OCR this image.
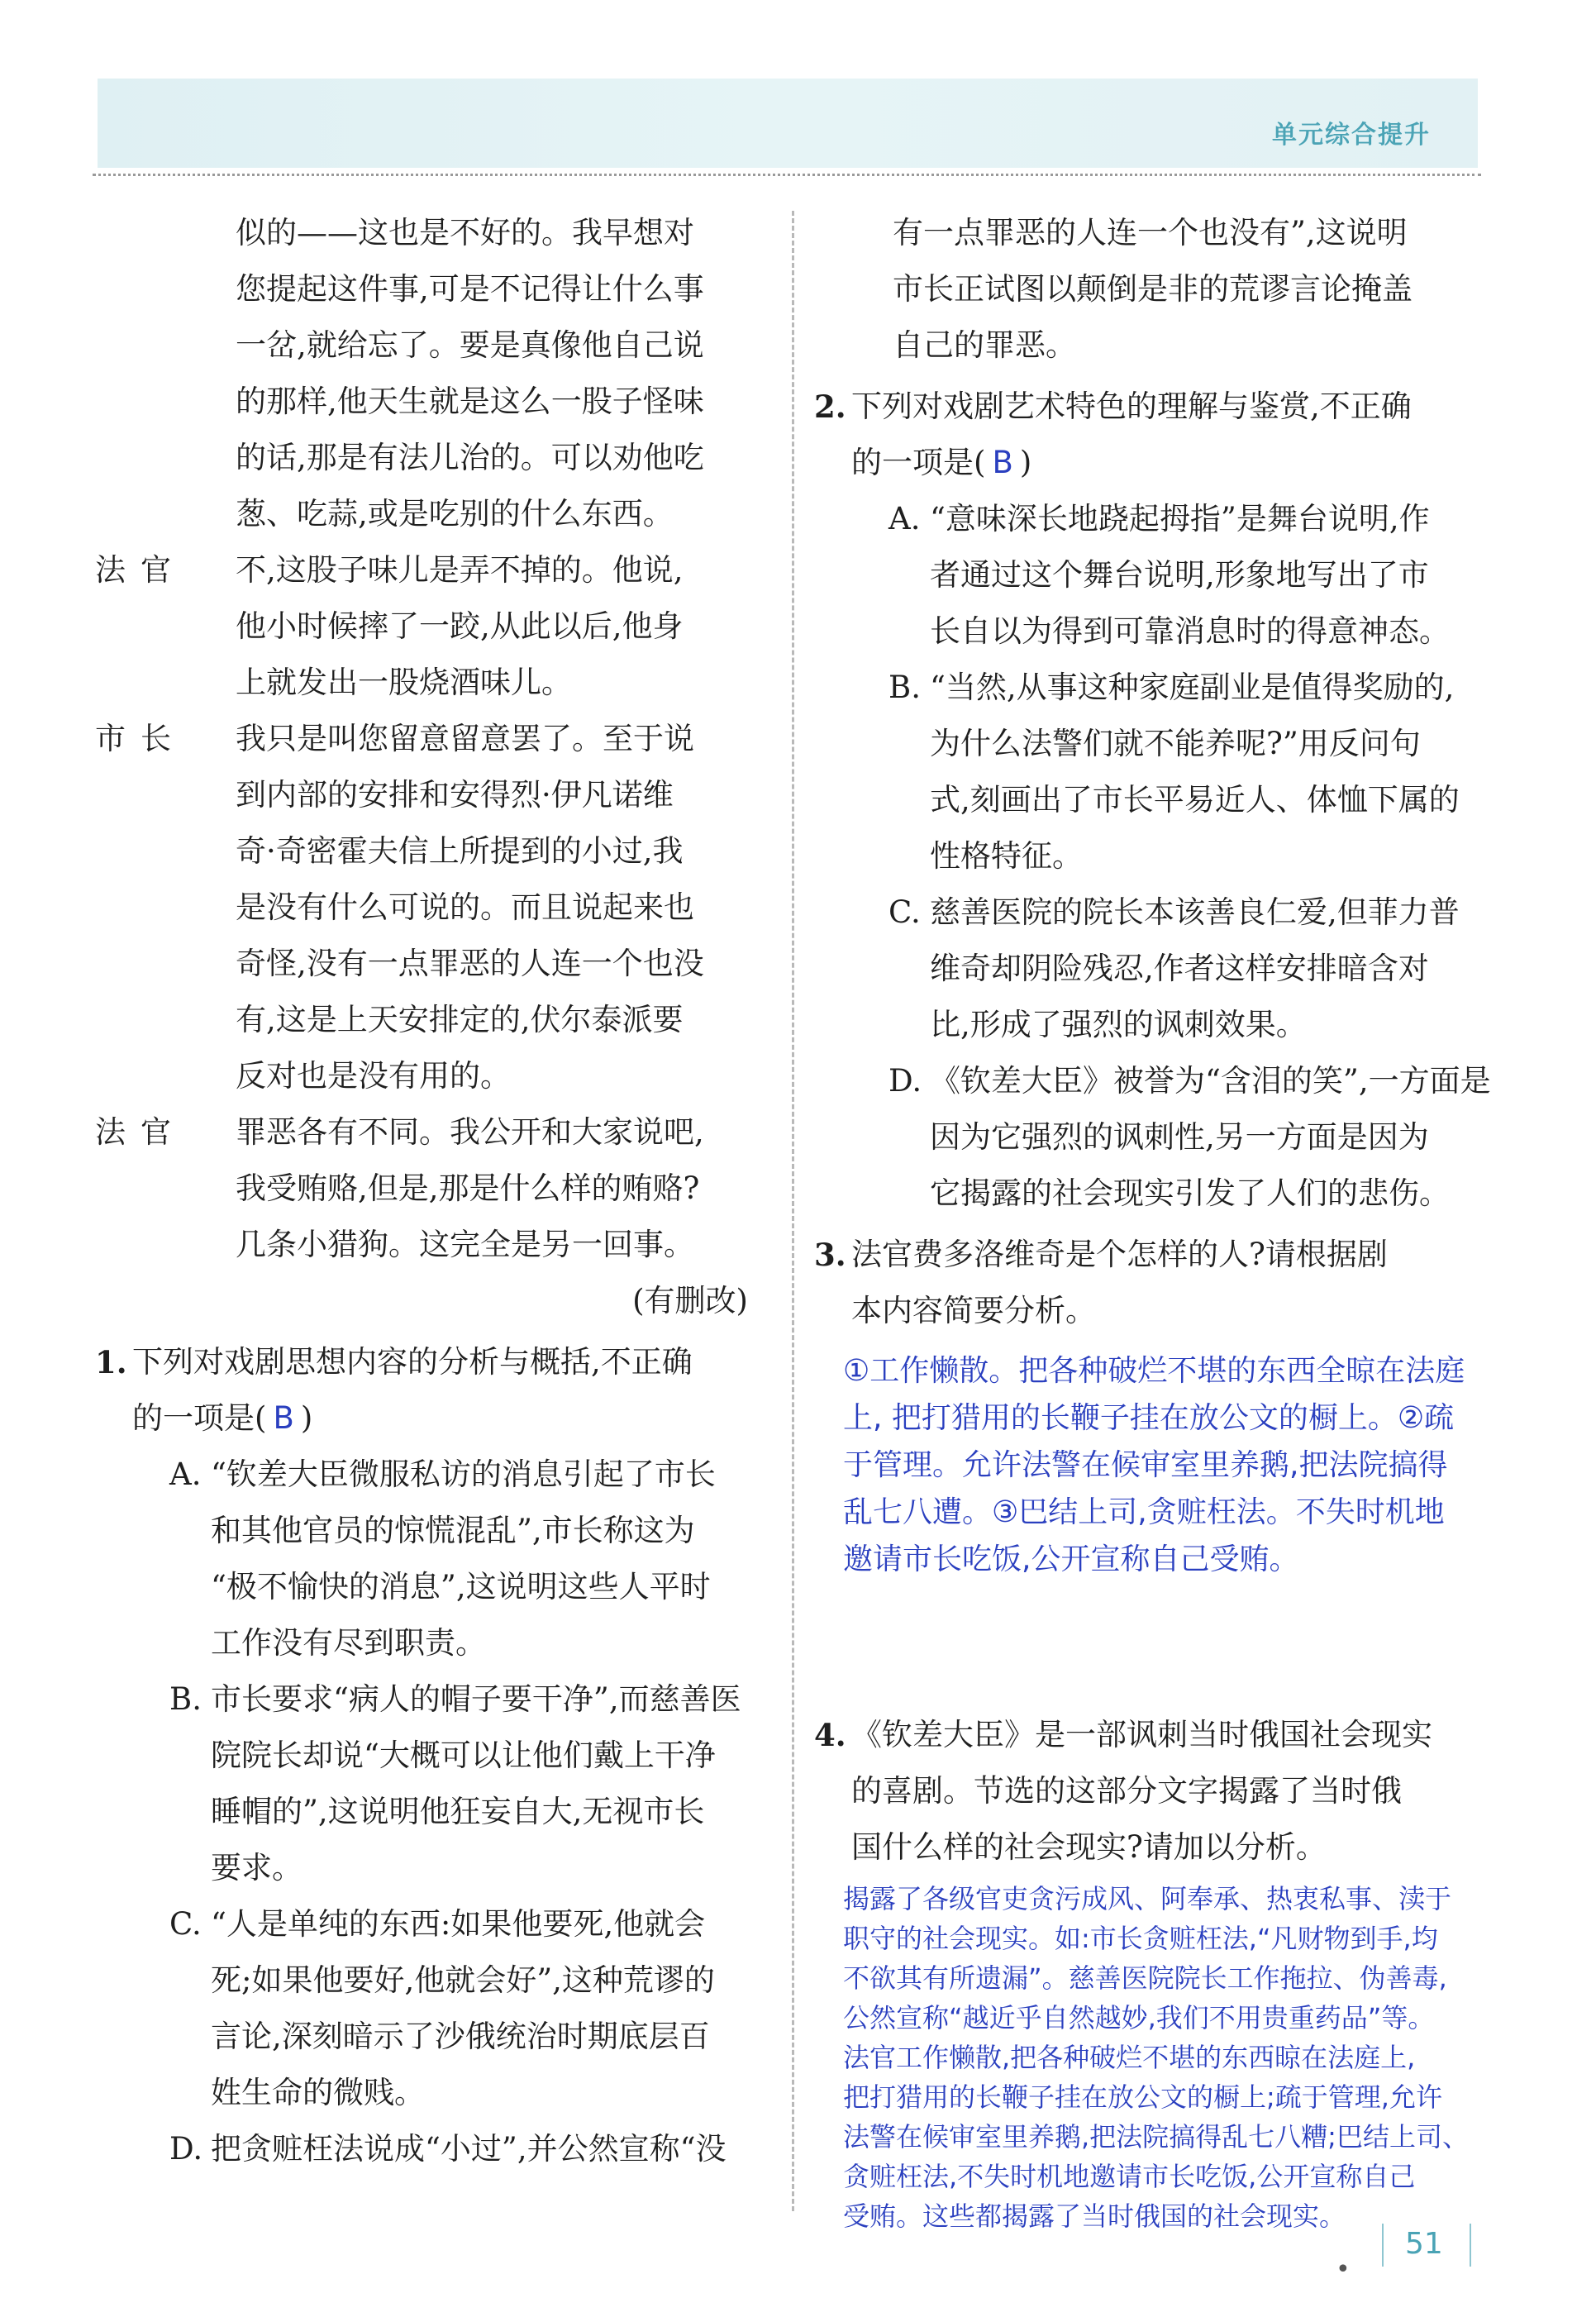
单元综合提升

似的——这也是不好的。我早想对

您提起这件事,可是不记得让什么事

一岔,就给忘了。要是真像他自己说

的那样,他天生就是这么一股子怪味

的话,那是有法儿治的。可以劝他吃

葱、吃蒜,或是吃别的什么东西。

法官	不,这股子味儿是弄不掉的。他说,

他小时候摔了一跤,从此以后,他身

上就发出一股烧酒味儿。

市长	我只是叫您留意留意罢了。至于说

到内部的安排和安得烈·伊凡诺维

奇·奇密霍夫信上所提到的小过,我

是没有什么可说的。而且说起来也

奇怪,没有一点罪恶的人连一个也没

有,这是上天安排定的,伏尔泰派要

反对也是没有用的。

法官	罪恶各有不同。我公开和大家说吧,

我受贿赂,但是,那是什么样的贿赂?

几条小猎狗。这完全是另一回事。

(有删改)

1. 下列对戏剧思想内容的分析与概括,不正确

的一项是( B )

A. “钦差大臣微服私访的消息引起了市长

和其他官员的惊慌混乱”,市长称这为

“极不愉快的消息”,这说明这些人平时

工作没有尽到职责。

B. 市长要求“病人的帽子要干净”,而慈善医

院院长却说“大概可以让他们戴上干净

睡帽的”,这说明他狂妄自大,无视市长

要求。

C. “人是单纯的东西:如果他要死,他就会

死;如果他要好,他就会好”,这种荒谬的

言论,深刻暗示了沙俄统治时期底层百

姓生命的微贱。

D. 把贪赃枉法说成“小过”,并公然宣称“没

有一点罪恶的人连一个也没有”,这说明

市长正试图以颠倒是非的荒谬言论掩盖

自己的罪恶。

2. 下列对戏剧艺术特色的理解与鉴赏,不正确

的一项是( B )

A. “意味深长地跷起拇指”是舞台说明,作

者通过这个舞台说明,形象地写出了市

长自以为得到可靠消息时的得意神态。

B. “当然,从事这种家庭副业是值得奖励的,

为什么法警们就不能养呢?”用反问句

式,刻画出了市长平易近人、体恤下属的

性格特征。

C. 慈善医院的院长本该善良仁爱,但菲力普

维奇却阴险残忍,作者这样安排暗含对

比,形成了强烈的讽刺效果。

D. 《钦差大臣》被誉为“含泪的笑”,一方面是

因为它强烈的讽刺性,另一方面是因为

它揭露的社会现实引发了人们的悲伤。

3. 法官费多洛维奇是个怎样的人?请根据剧

本内容简要分析。

①工作懒散。把各种破烂不堪的东西全晾在法庭

上, 把打猎用的长鞭子挂在放公文的橱上。②疏

于管理。允许法警在候审室里养鹅,把法院搞得

乱七八遭。③巴结上司,贪赃枉法。不失时机地

邀请市长吃饭,公开宣称自己受贿。

4. 《钦差大臣》是一部讽刺当时俄国社会现实

的喜剧。节选的这部分文字揭露了当时俄

国什么样的社会现实?请加以分析。

揭露了各级官吏贪污成风、阿奉承、热衷私事、渎于

职守的社会现实。如:市长贪赃枉法,“凡财物到手,均

不欲其有所遗漏”。慈善医院院长工作拖拉、伪善毒,

公然宣称“越近乎自然越妙,我们不用贵重药品”等。

法官工作懒散,把各种破烂不堪的东西晾在法庭上,

把打猎用的长鞭子挂在放公文的橱上;疏于管理,允许

法警在候审室里养鹅,把法院搞得乱七八糟;巴结上司、

贪赃枉法,不失时机地邀请市长吃饭,公开宣称自己

受贿。这些都揭露了当时俄国的社会现实。

•
51
